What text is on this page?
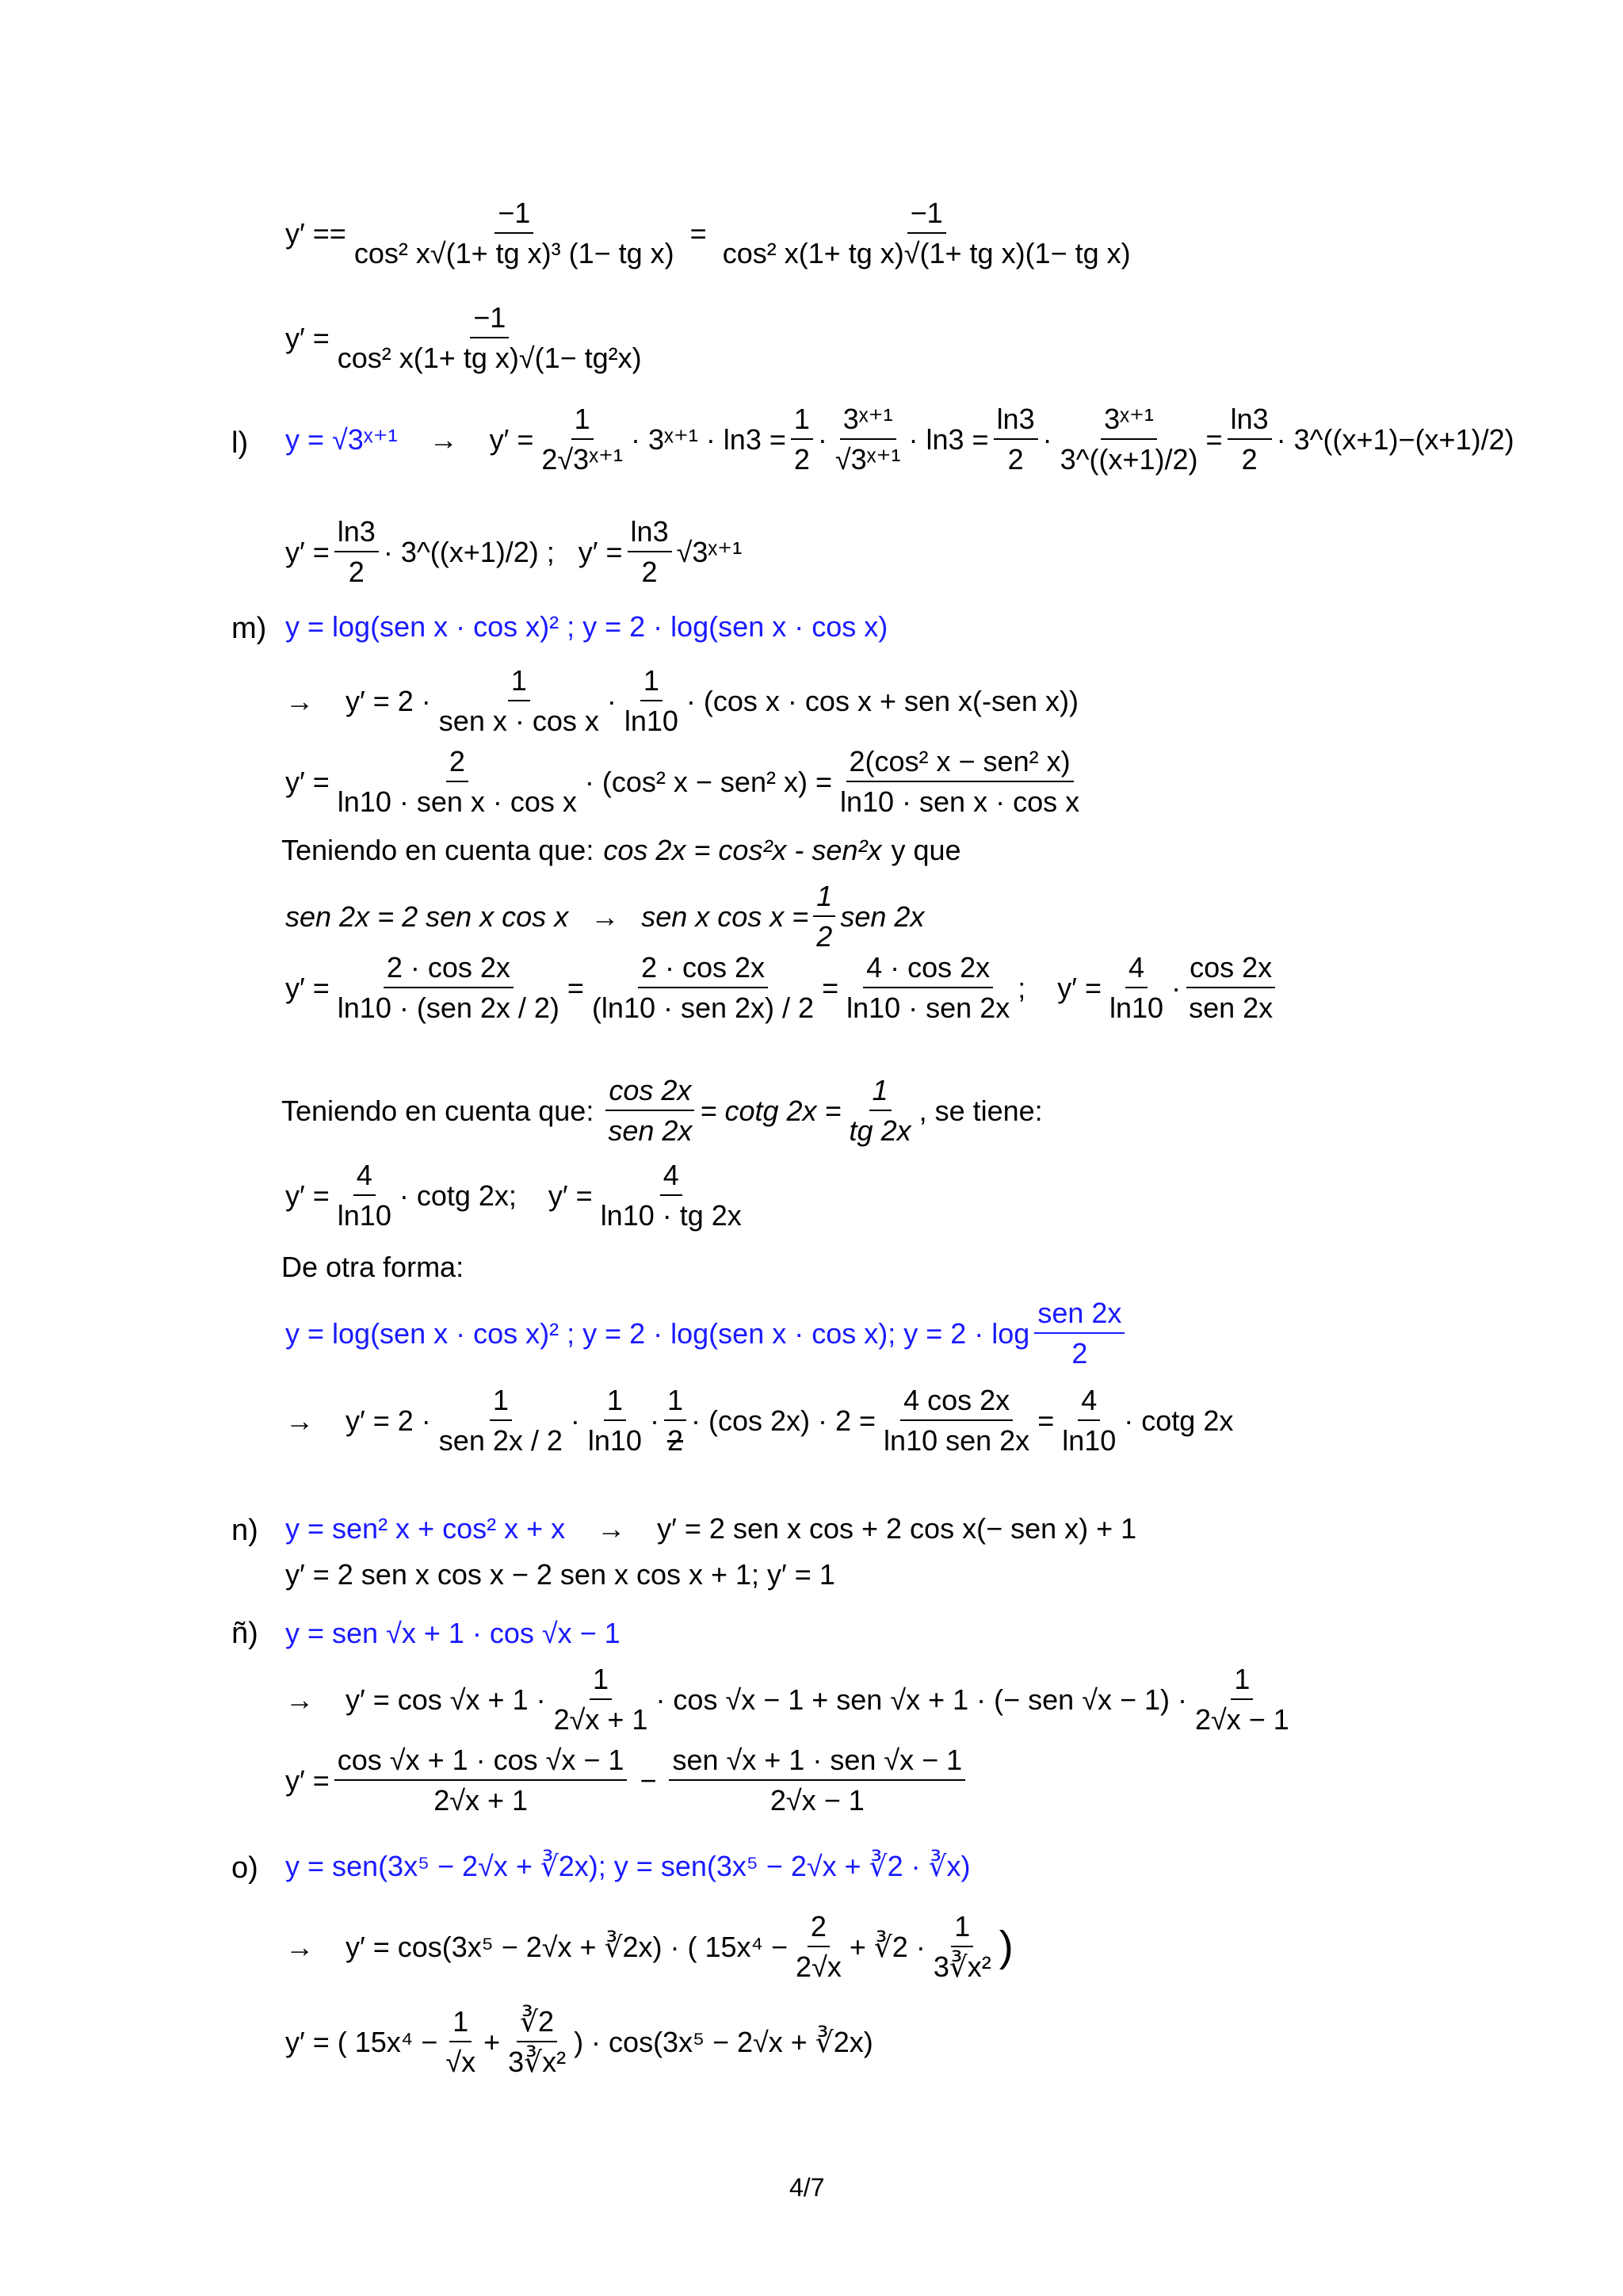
$y' == \frac{-1}{\text{cos² x√(1+ tg x)³ (1− tg x)}} = \frac{-1}{\text{cos² x(1+ tg x)√(1+ tg x)(1− tg x)}}$
$y' = \frac{-1}{\text{cos² x(1+ tg x)√(1− tg²x)}}$
l) y = √3ˣ⁺¹ → $y' = \frac{1}{\text{2√3ˣ⁺¹}}$ · 3ˣ⁺¹ · $\ln 3 = \frac{1}{2} \cdot \frac{\text{3ˣ⁺¹}}{\text{√3ˣ⁺¹}} \cdot \ln 3 = \frac{\ln 3}{2} \cdot \frac{\text{3ˣ⁺¹}}{3\^{}((x+1)/2)} = \frac{\ln 3}{2}$ · 3^((x+1)−(x+1)/2)
$y' = \frac{\ln 3}{2}$ · 3^((x+1)/2) ; $y' = \frac{\ln 3}{2}$ √3ˣ⁺¹
m) y = log(sen x · cos x)² ; y = 2 · log(sen x · cos x)
→ $y' = 2 \cdot \frac{1}{\text{sen x · cos x}} \cdot \frac{1}{\ln 10} \cdot (\cos$ x · cos x + sen x(-sen x))
$y' = \frac{2}{\text{ln10 · sen x · cos x}} \cdot (\cos^2$ x − sen² $x) = \frac{\text{2(cos² x − sen² x)}}{\text{ln10 · sen x · cos x}}$
Teniendo en cuenta que: cos 2x = cos²x - sen²x y que
sen 2x = 2 sen x cos x → sen x $\cos x = \frac{1}{2}$ sen 2x
$y' = \frac{2 \cdot \cos 2x}{\text{ln10 · (sen 2x / 2)}} = \frac{2 \cdot \cos 2x}{\text{(ln10 · sen 2x) / 2}} = \frac{4 \cdot \cos 2x}{\text{ln10 · sen 2x}}$ ; $y' = \frac{4}{\ln 10} \cdot \frac{\cos 2x}{\text{sen 2x}}$
Teniendo en cuenta que: $\frac{\cos 2x}{\text{sen 2x}} = \cot g$ $2x = \frac{1}{tg 2x}$ , se tiene:
$y' = \frac{4}{\ln 10} \cdot \cot g$ 2x; $y' = \frac{4}{\ln 10 \cdot tg 2x}$
De otra forma:
y = log(sen x · cos x)² ; y = 2 · log(sen x · cos x); $y = 2 \cdot \log \frac{\text{sen 2x}}{2}$
→ $y' = 2 \cdot \frac{1}{\text{sen 2x / 2}} \cdot \frac{1}{\ln 10} \cdot \frac{1}{2} \cdot (\cos$ $2x) \cdot 2 = \frac{4 \cos 2x}{\text{ln10 sen 2x}} = \frac{4}{\ln 10} \cdot \cot g$ 2x
n) y = sen² x + cos² x + x → y′ = 2 sen x cos + 2 cos x(− sen x) + 1
y′ = 2 sen x cos x − 2 sen x cos x + 1; y′ = 1
ñ) y = sen √x + 1 · cos √x − 1
→ $y' = \cos √x + 1 \cdot \frac{1}{2√x + 1} \cdot \cos √x - 1$ + sen √x + 1 · (− sen $√x - 1) \cdot \frac{1}{2√x - 1}$
$y' = \frac{\cos √x + 1 \cdot \cos √x - 1}{2√x + 1} - \frac{\text{sen √x + 1 · sen √x − 1}}{2√x - 1}$
o) y = sen(3x⁵ − 2√x + ∛2x); y = sen(3x⁵ − 2√x + ∛2 · ∛x)
→ y′ = cos(3x⁵ − 2√x + ∛2x) · ( $15x^4 - \frac{2}{2√x}$ + ∛2 · $\frac{1}{\text{3∛x²}}$ )
y′ = ( $15x^4 - \frac{1}{√x} + \frac{∛2}{\text{3∛x²}}$ ) · cos(3x⁵ − 2√x + ∛2x)
4/7
